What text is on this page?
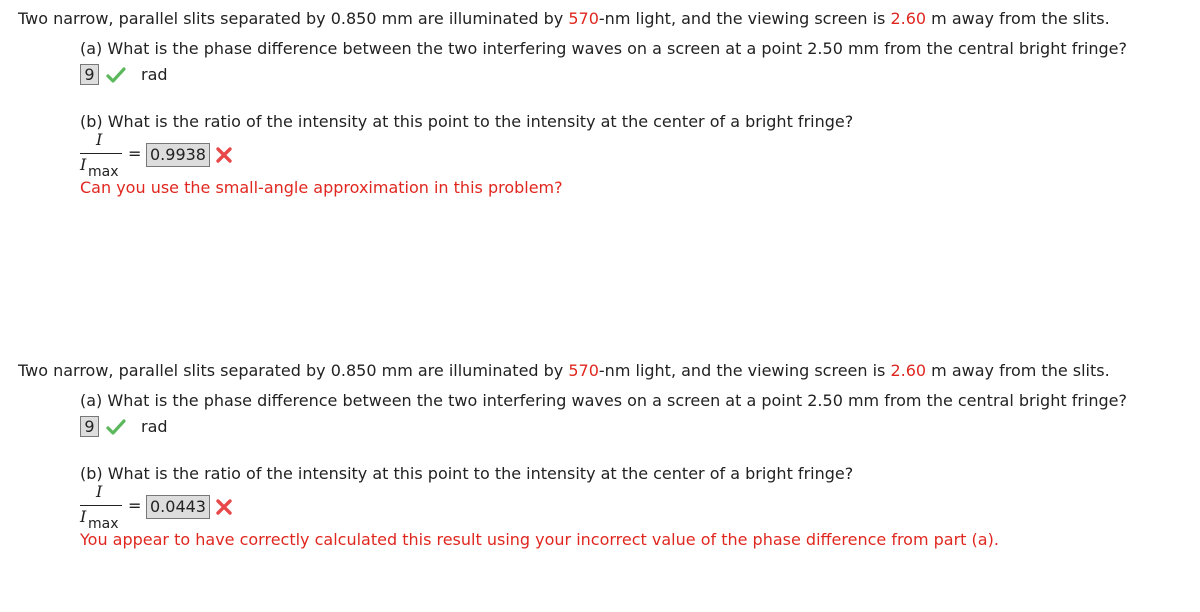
Two narrow, parallel slits separated by 0.850 mm are illuminated by 570-nm light, and the viewing screen is 2.60 m away from the slits.
(a) What is the phase difference between the two interfering waves on a screen at a point 2.50 mm from the central bright fringe?
9	rad
(b) What is the ratio of the intensity at this point to the intensity at the center of a bright fringe?
I
I max
= 0.9938
Can you use the small-angle approximation in this problem?
Two narrow, parallel slits separated by 0.850 mm are illuminated by 570-nm light, and the viewing screen is 2.60 m away from the slits.
(a) What is the phase difference between the two interfering waves on a screen at a point 2.50 mm from the central bright fringe?
9	rad
(b) What is the ratio of the intensity at this point to the intensity at the center of a bright fringe?
I
I max
= 0.0443
You appear to have correctly calculated this result using your incorrect value of the phase difference from part (a).
